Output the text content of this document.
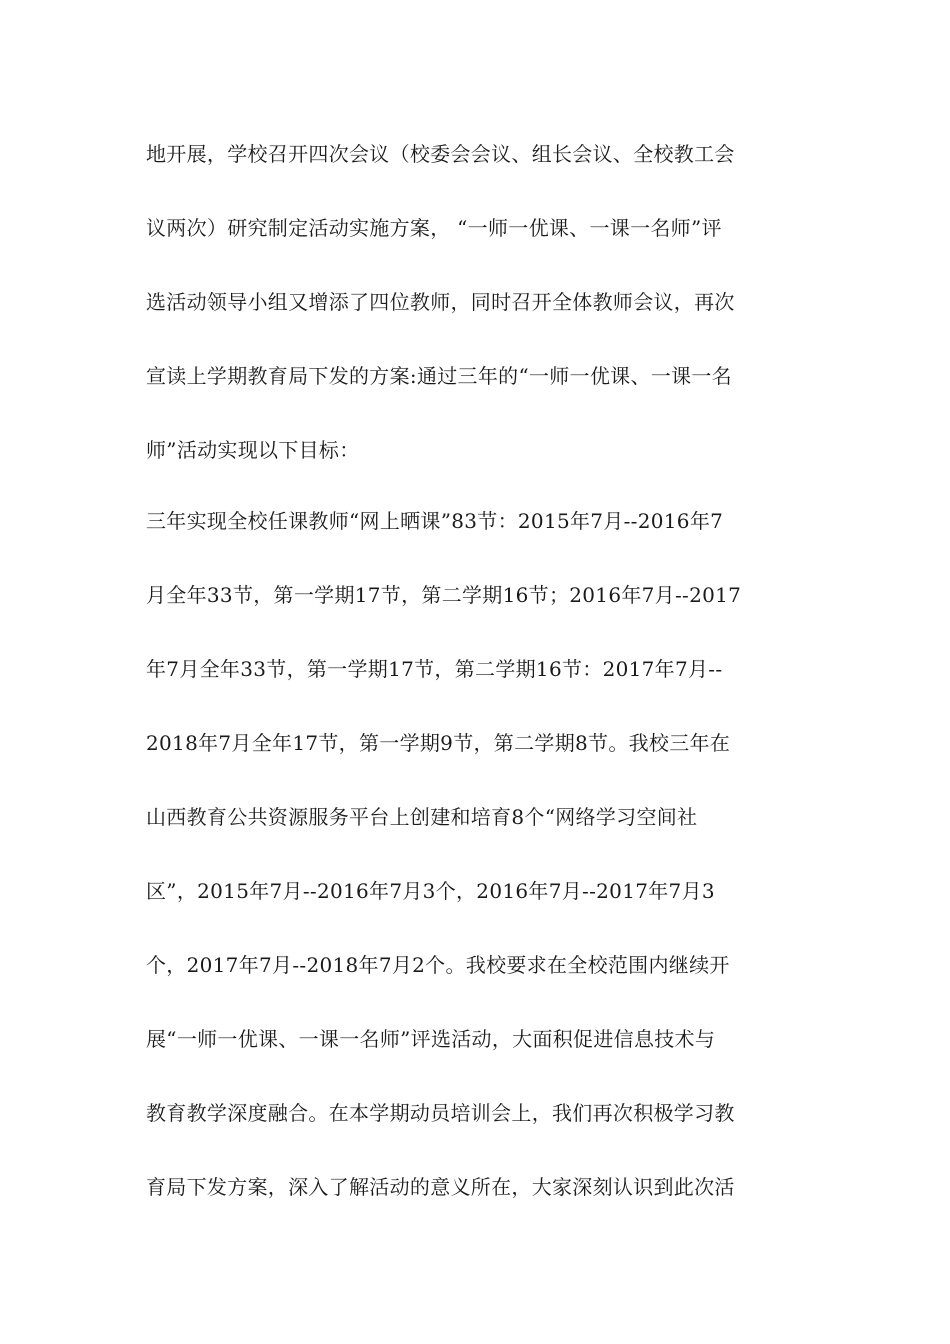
地开展，学校召开四次会议（校委会会议、组长会议、全校教工会
议两次）研究制定活动实施方案， “一师一优课、一课一名师”评
选活动领导小组又增添了四位教师，同时召开全体教师会议，再次
宣读上学期教育局下发的方案:通过三年的“一师一优课、一课一名
师”活动实现以下目标：
三年实现全校任课教师“网上晒课”83节：2015年7月--2016年7
月全年33节，第一学期17节，第二学期16节；2016年7月--2017
年7月全年33节，第一学期17节，第二学期16节：2017年7月--
2018年7月全年17节，第一学期9节，第二学期8节。我校三年在
山西教育公共资源服务平台上创建和培育8个“网络学习空间社
区”，2015年7月--2016年7月3个，2016年7月--2017年7月3
个，2017年7月--2018年7月2个。我校要求在全校范围内继续开
展“一师一优课、一课一名师”评选活动，大面积促进信息技术与
教育教学深度融合。在本学期动员培训会上，我们再次积极学习教
育局下发方案，深入了解活动的意义所在，大家深刻认识到此次活
